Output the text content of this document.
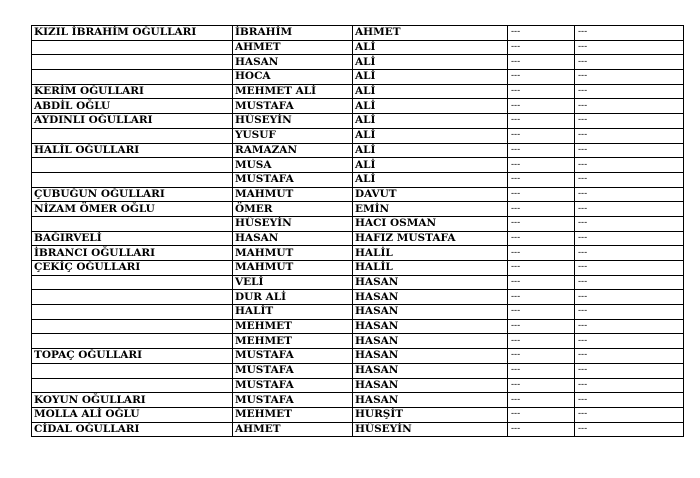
KIZIL İBRAHİM OĞULLARI	İBRAHİM	AHMET	---	---
	AHMET	ALİ	---	---
	HASAN	ALİ	---	---
	HOCA	ALİ	---	---
KERİM OĞULLARI	MEHMET ALİ	ALİ	---	---
ABDİL OĞLU	MUSTAFA	ALİ	---	---
AYDINLI OĞULLARI	HÜSEYİN	ALİ	---	---
	YUSUF	ALİ	---	---
HALİL OĞULLARI	RAMAZAN	ALİ	---	---
	MUSA	ALİ	---	---
	MUSTAFA	ALİ	---	---
ÇUBUĞUN OĞULLARI	MAHMUT	DAVUT	---	---
NİZAM ÖMER OĞLU	ÖMER	EMİN	---	---
	HÜSEYİN	HACI OSMAN	---	---
BAĞIRVELİ	HASAN	HAFIZ MUSTAFA	---	---
İBRANCI OĞULLARI	MAHMUT	HALİL	---	---
ÇEKİÇ OĞULLARI	MAHMUT	HALİL	---	---
	VELİ	HASAN	---	---
	DUR ALİ	HASAN	---	---
	HALİT	HASAN	---	---
	MEHMET	HASAN	---	---
	MEHMET	HASAN	---	---
TOPAÇ OĞULLARI	MUSTAFA	HASAN	---	---
	MUSTAFA	HASAN	---	---
	MUSTAFA	HASAN	---	---
KOYUN OĞULLARI	MUSTAFA	HASAN	---	---
MOLLA ALİ OĞLU	MEHMET	HURŞİT	---	---
CİDAL OĞULLARI	AHMET	HÜSEYİN	---	---
